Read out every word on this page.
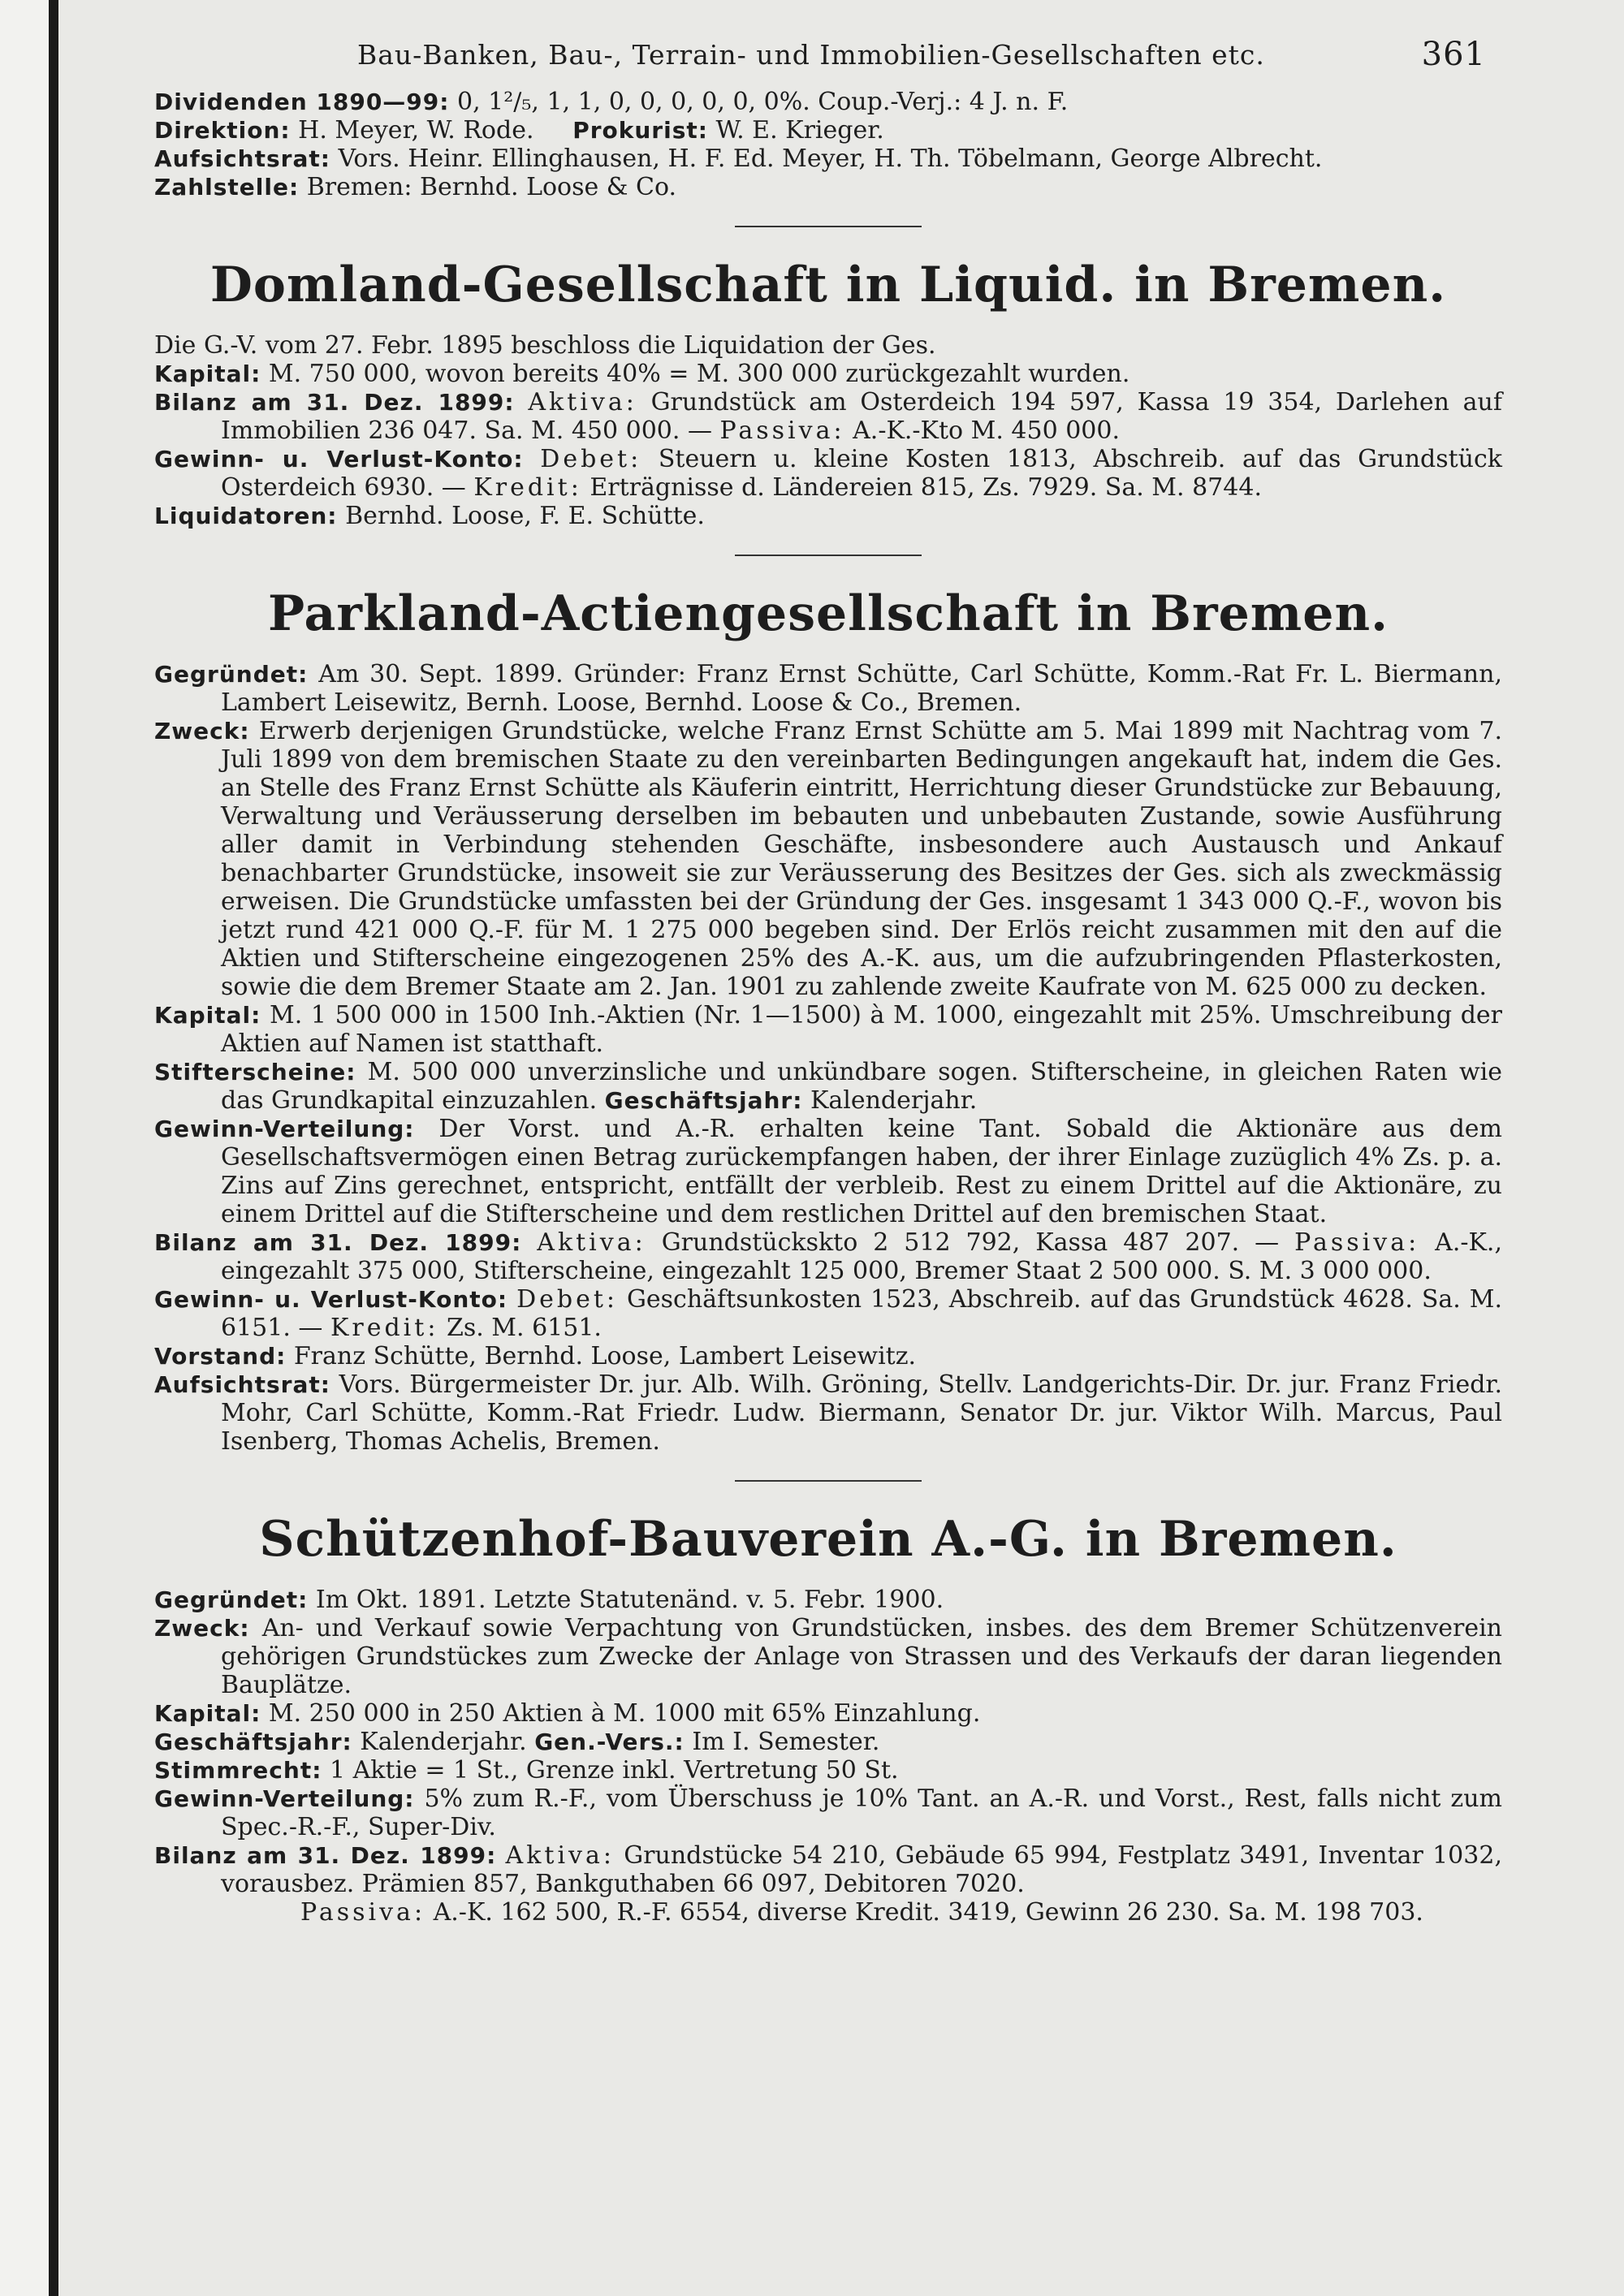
Bau-Banken, Bau-, Terrain- und Immobilien-Gesellschaften etc.	361

Dividenden 1890—99: 0, 1²/₅, 1, 1, 0, 0, 0, 0, 0, 0%. Coup.-Verj.: 4 J. n. F.

Direktion: H. Meyer, W. Rode. Prokurist: W. E. Krieger.

Aufsichtsrat: Vors. Heinr. Ellinghausen, H. F. Ed. Meyer, H. Th. Töbelmann, George Albrecht.

Zahlstelle: Bremen: Bernhd. Loose & Co.

Domland-Gesellschaft in Liquid. in Bremen.

Die G.-V. vom 27. Febr. 1895 beschloss die Liquidation der Ges.

Kapital: M. 750 000, wovon bereits 40% = M. 300 000 zurückgezahlt wurden.

Bilanz am 31. Dez. 1899: Aktiva: Grundstück am Osterdeich 194 597, Kassa 19 354, Darlehen auf Immobilien 236 047. Sa. M. 450 000. — Passiva: A.-K.-Kto M. 450 000.

Gewinn- u. Verlust-Konto: Debet: Steuern u. kleine Kosten 1813, Abschreib. auf das Grundstück Osterdeich 6930. — Kredit: Erträgnisse d. Ländereien 815, Zs. 7929. Sa. M. 8744.

Liquidatoren: Bernhd. Loose, F. E. Schütte.

Parkland-Actiengesellschaft in Bremen.

Gegründet: Am 30. Sept. 1899. Gründer: Franz Ernst Schütte, Carl Schütte, Komm.-Rat Fr. L. Biermann, Lambert Leisewitz, Bernh. Loose, Bernhd. Loose & Co., Bremen.

Zweck: Erwerb derjenigen Grundstücke, welche Franz Ernst Schütte am 5. Mai 1899 mit Nachtrag vom 7. Juli 1899 von dem bremischen Staate zu den vereinbarten Bedingungen angekauft hat, indem die Ges. an Stelle des Franz Ernst Schütte als Käuferin eintritt, Herrichtung dieser Grundstücke zur Bebauung, Verwaltung und Veräusserung derselben im bebauten und unbebauten Zustande, sowie Ausführung aller damit in Verbindung stehenden Geschäfte, insbesondere auch Austausch und Ankauf benachbarter Grundstücke, insoweit sie zur Veräusserung des Besitzes der Ges. sich als zweckmässig erweisen. Die Grundstücke umfassten bei der Gründung der Ges. insgesamt 1 343 000 Q.-F., wovon bis jetzt rund 421 000 Q.-F. für M. 1 275 000 begeben sind. Der Erlös reicht zusammen mit den auf die Aktien und Stifterscheine eingezogenen 25% des A.-K. aus, um die aufzubringenden Pflasterkosten, sowie die dem Bremer Staate am 2. Jan. 1901 zu zahlende zweite Kaufrate von M. 625 000 zu decken.

Kapital: M. 1 500 000 in 1500 Inh.-Aktien (Nr. 1—1500) à M. 1000, eingezahlt mit 25%. Umschreibung der Aktien auf Namen ist statthaft.

Stifterscheine: M. 500 000 unverzinsliche und unkündbare sogen. Stifterscheine, in gleichen Raten wie das Grundkapital einzuzahlen. Geschäftsjahr: Kalenderjahr.

Gewinn-Verteilung: Der Vorst. und A.-R. erhalten keine Tant. Sobald die Aktionäre aus dem Gesellschaftsvermögen einen Betrag zurückempfangen haben, der ihrer Einlage zuzüglich 4% Zs. p. a. Zins auf Zins gerechnet, entspricht, entfällt der verbleib. Rest zu einem Drittel auf die Aktionäre, zu einem Drittel auf die Stifterscheine und dem restlichen Drittel auf den bremischen Staat.

Bilanz am 31. Dez. 1899: Aktiva: Grundstückskto 2 512 792, Kassa 487 207. — Passiva: A.-K., eingezahlt 375 000, Stifterscheine, eingezahlt 125 000, Bremer Staat 2 500 000. S. M. 3 000 000.

Gewinn- u. Verlust-Konto: Debet: Geschäftsunkosten 1523, Abschreib. auf das Grundstück 4628. Sa. M. 6151. — Kredit: Zs. M. 6151.

Vorstand: Franz Schütte, Bernhd. Loose, Lambert Leisewitz.

Aufsichtsrat: Vors. Bürgermeister Dr. jur. Alb. Wilh. Gröning, Stellv. Landgerichts-Dir. Dr. jur. Franz Friedr. Mohr, Carl Schütte, Komm.-Rat Friedr. Ludw. Biermann, Senator Dr. jur. Viktor Wilh. Marcus, Paul Isenberg, Thomas Achelis, Bremen.

Schützenhof-Bauverein A.-G. in Bremen.

Gegründet: Im Okt. 1891. Letzte Statutenänd. v. 5. Febr. 1900.

Zweck: An- und Verkauf sowie Verpachtung von Grundstücken, insbes. des dem Bremer Schützenverein gehörigen Grundstückes zum Zwecke der Anlage von Strassen und des Verkaufs der daran liegenden Bauplätze.

Kapital: M. 250 000 in 250 Aktien à M. 1000 mit 65% Einzahlung.

Geschäftsjahr: Kalenderjahr. Gen.-Vers.: Im I. Semester.

Stimmrecht: 1 Aktie = 1 St., Grenze inkl. Vertretung 50 St.

Gewinn-Verteilung: 5% zum R.-F., vom Überschuss je 10% Tant. an A.-R. und Vorst., Rest, falls nicht zum Spec.-R.-F., Super-Div.

Bilanz am 31. Dez. 1899: Aktiva: Grundstücke 54 210, Gebäude 65 994, Festplatz 3491, Inventar 1032, vorausbez. Prämien 857, Bankguthaben 66 097, Debitoren 7020.

Passiva: A.-K. 162 500, R.-F. 6554, diverse Kredit. 3419, Gewinn 26 230. Sa. M. 198 703.
